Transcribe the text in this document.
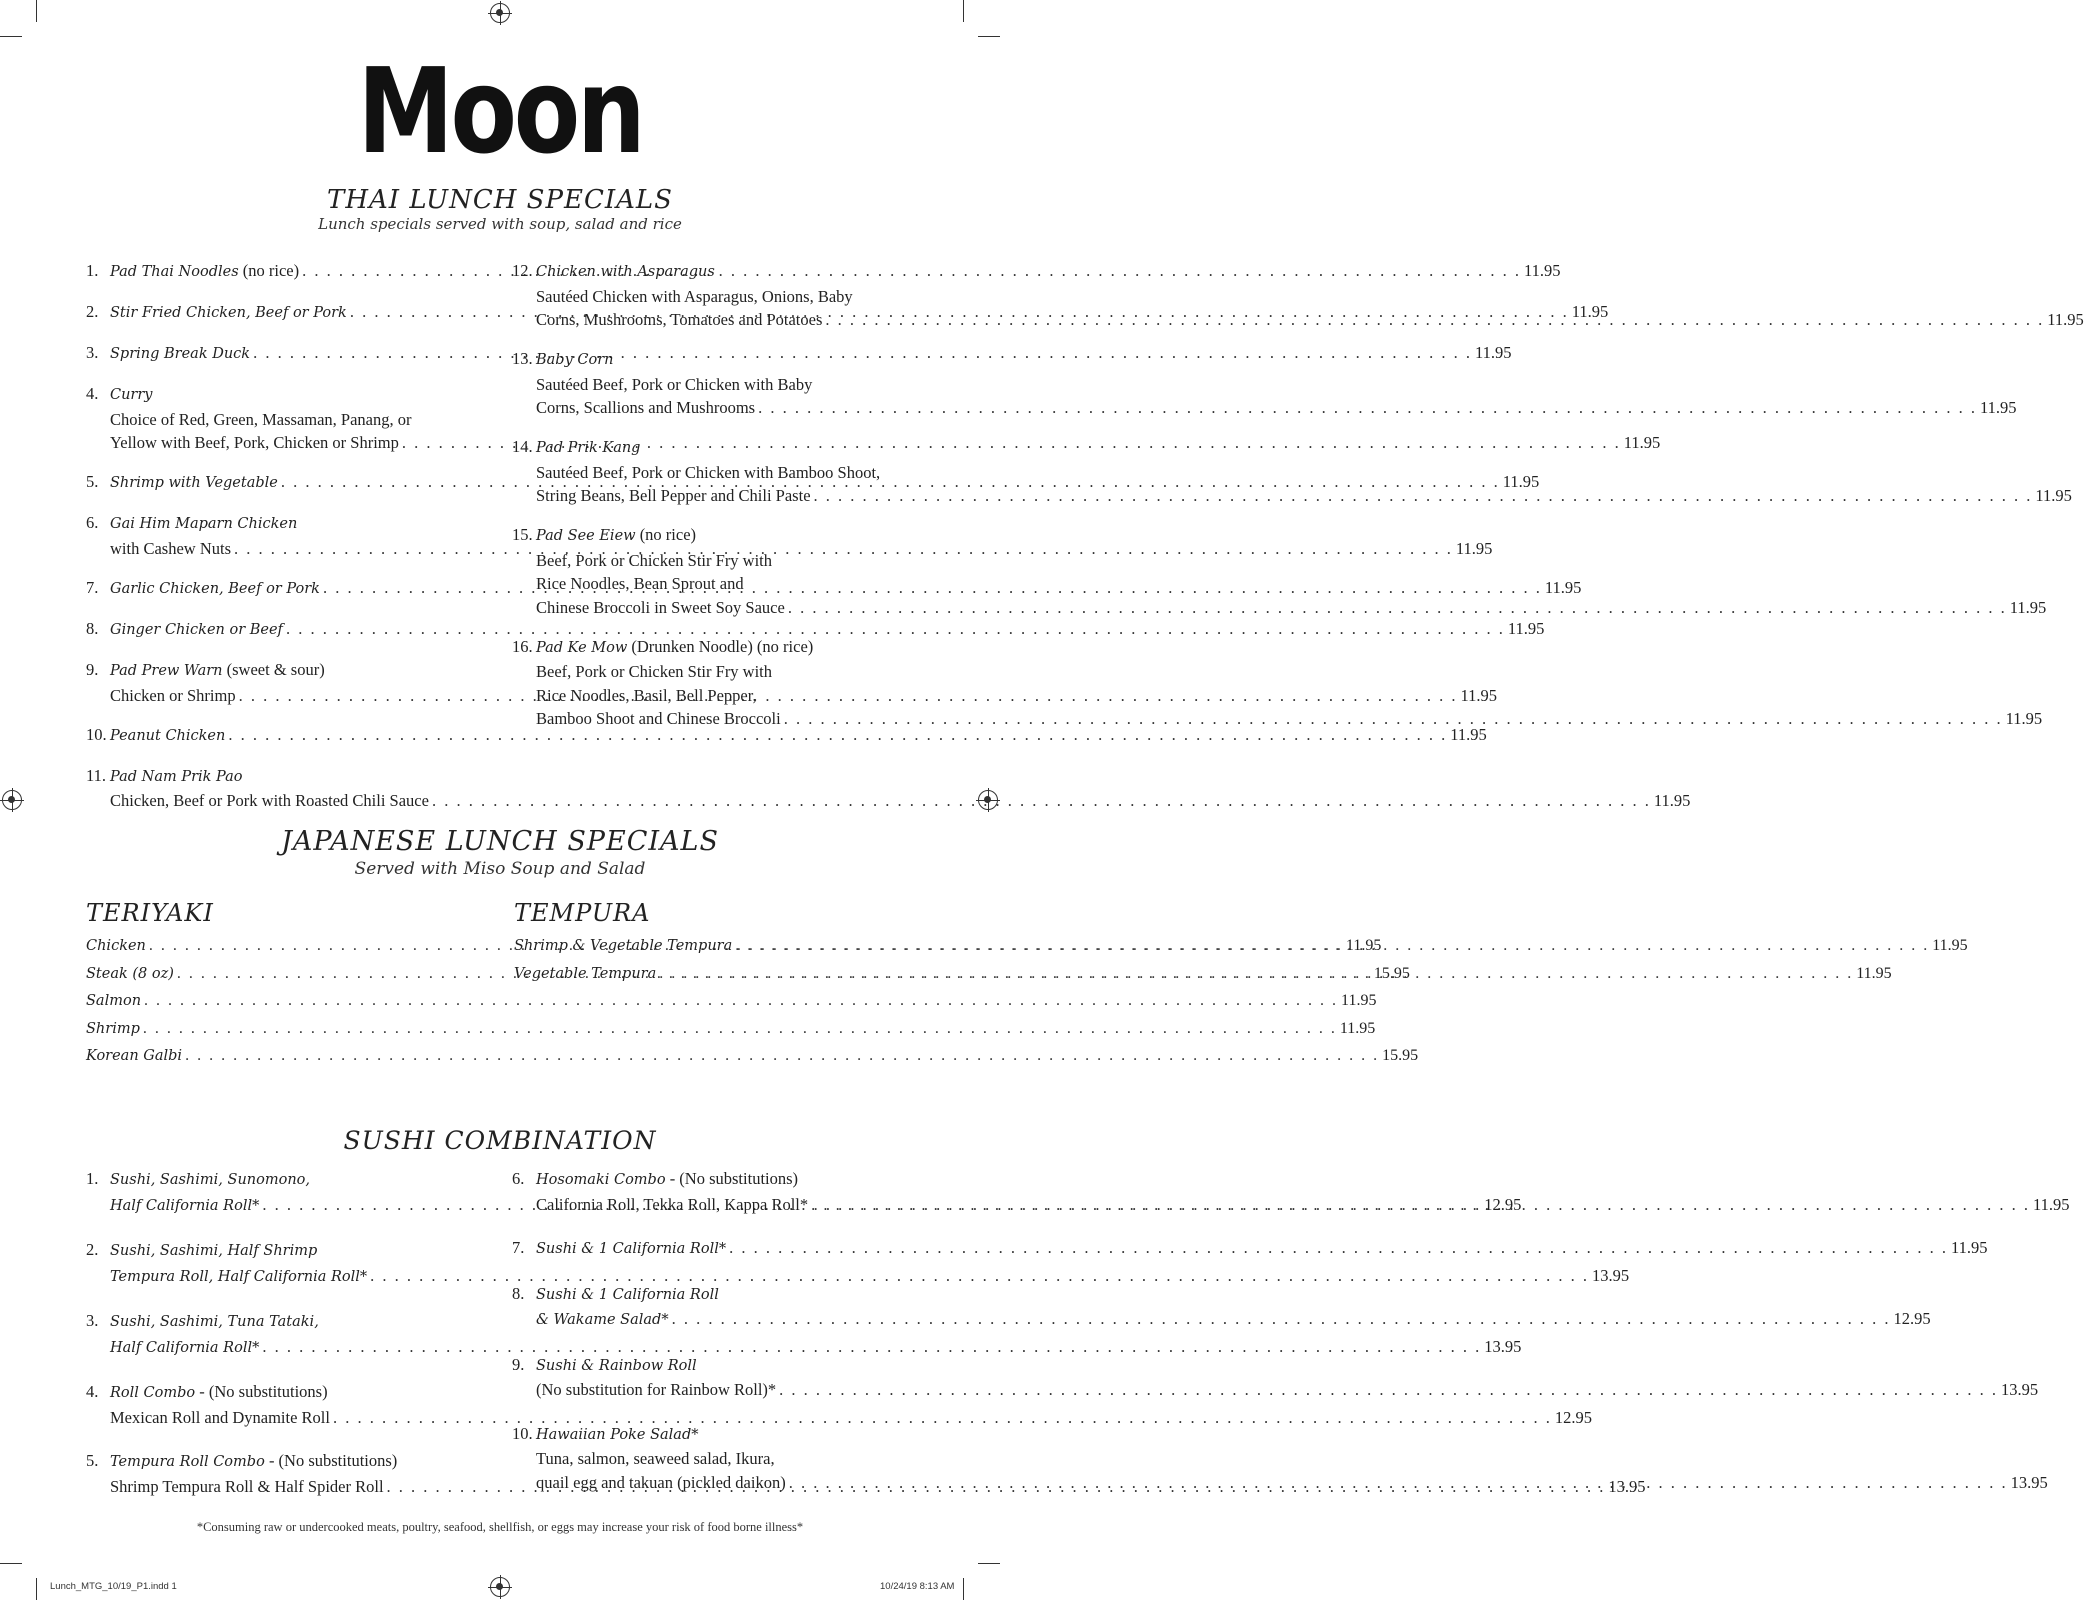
Moon
THAI LUNCH SPECIALS
Lunch specials served with soup, salad and rice
1. Pad Thai Noodles (no rice) . . .	11.95
2. Stir Fried Chicken, Beef or Pork . . .	11.95
3. Spring Break Duck . . .	11.95
4. Curry
Choice of Red, Green, Massaman, Panang, or
Yellow with Beef, Pork, Chicken or Shrimp . . .	11.95
5. Shrimp with Vegetable . . .	11.95
6. Gai Him Maparn Chicken
with Cashew Nuts . . .	11.95
7. Garlic Chicken, Beef or Pork . . .	11.95
8. Ginger Chicken or Beef . . .	11.95
9. Pad Prew Warn (sweet & sour)
Chicken or Shrimp . . .	11.95
10. Peanut Chicken . . .	11.95
11. Pad Nam Prik Pao
Chicken, Beef or Pork with Roasted Chili Sauce . . .	11.95
12. Chicken with Asparagus
Sautéed Chicken with Asparagus, Onions, Baby
Corns, Mushrooms, Tomatoes and Potatoes . . .	11.95
13. Baby Corn
Sautéed Beef, Pork or Chicken with Baby
Corns, Scallions and Mushrooms . . .	11.95
14. Pad Prik Kang
Sautéed Beef, Pork or Chicken with Bamboo Shoot,
String Beans, Bell Pepper and Chili Paste . . .	11.95
15. Pad See Eiew (no rice)
Beef, Pork or Chicken Stir Fry with
Rice Noodles, Bean Sprout and
Chinese Broccoli in Sweet Soy Sauce . . .	11.95
16. Pad Ke Mow (Drunken Noodle) (no rice)
Beef, Pork or Chicken Stir Fry with
Rice Noodles, Basil, Bell Pepper,
Bamboo Shoot and Chinese Broccoli . . .	11.95
JAPANESE LUNCH SPECIALS
Served with Miso Soup and Salad
TERIYAKI	TEMPURA
Chicken . . .	11.95
Steak (8 oz) . . .	15.95
Salmon . . .	11.95
Shrimp . . .	11.95
Korean Galbi . . .	15.95
Shrimp & Vegetable Tempura . . .	11.95
Vegetable Tempura . . .	11.95
SUSHI COMBINATION
1. Sushi, Sashimi, Sunomono,
Half California Roll* . . .	12.95
2. Sushi, Sashimi, Half Shrimp
Tempura Roll, Half California Roll* . . .	13.95
3. Sushi, Sashimi, Tuna Tataki,
Half California Roll* . . .	13.95
4. Roll Combo - (No substitutions)
Mexican Roll and Dynamite Roll . . .	12.95
5. Tempura Roll Combo - (No substitutions)
Shrimp Tempura Roll & Half Spider Roll . . .	13.95
6. Hosomaki Combo - (No substitutions)
California Roll, Tekka Roll, Kappa Roll* . . .	11.95
7. Sushi & 1 California Roll* . . .	11.95
8. Sushi & 1 California Roll
& Wakame Salad* . . .	12.95
9. Sushi & Rainbow Roll
(No substitution for Rainbow Roll)* . . .	13.95
10. Hawaiian Poke Salad*
Tuna, salmon, seaweed salad, Ikura,
quail egg and takuan (pickled daikon) . . .	13.95
*Consuming raw or undercooked meats, poultry, seafood, shellfish, or eggs may increase your risk of food borne illness*
Lunch_MTG_10/19_P1.indd 1	10/24/19 8:13 AM
